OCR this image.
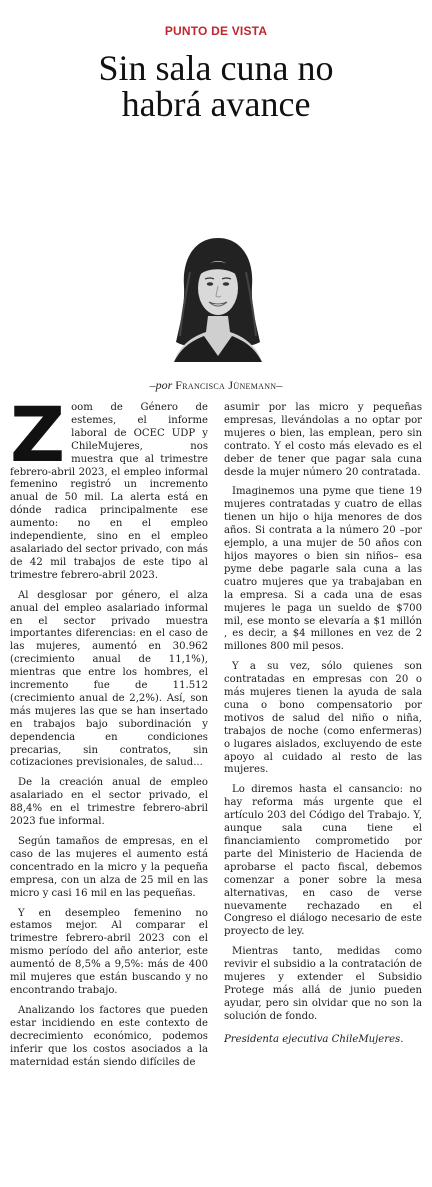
PUNTO DE VISTA
Sin sala cuna no
habrá avance
–por Francisca Jünemann–

Zoom de Género de estemes, el informe laboral de OCEC UDP y ChileMujeres, nos muestra que al trimestre febrero-abril 2023, el empleo informal femenino registró un incremento anual de 50 mil. La alerta está en dónde radica principalmente ese aumento: no en el empleo independiente, sino en el empleo asalariado del sector privado, con más de 42 mil trabajos de este tipo al trimestre febrero-abril 2023.

Al desglosar por género, el alza anual del empleo asalariado informal en el sector privado muestra importantes diferencias: en el caso de las mujeres, aumentó en 30.962 (crecimiento anual de 11,1%), mientras que entre los hombres, el incremento fue de 11.512 (crecimiento anual de 2,2%). Así, son más mujeres las que se han insertado en trabajos bajo subordinación y dependencia en condiciones precarias, sin contratos, sin cotizaciones previsionales, de salud...

De la creación anual de empleo asalariado en el sector privado, el 88,4% en el trimestre febrero-abril 2023 fue informal.

Según tamaños de empresas, en el caso de las mujeres el aumento está concentrado en la micro y la pequeña empresa, con un alza de 25 mil en las micro y casi 16 mil en las pequeñas.

Y en desempleo femenino no estamos mejor. Al comparar el trimestre febrero-abril 2023 con el mismo período del año anterior, este aumentó de 8,5% a 9,5%: más de 400 mil mujeres que están buscando y no encontrando trabajo.

Analizando los factores que pueden estar incidiendo en este contexto de decrecimiento económico, podemos inferir que los costos asociados a la maternidad están siendo difíciles de

asumir por las micro y pequeñas empresas, llevándolas a no optar por mujeres o bien, las emplean, pero sin contrato. Y el costo más elevado es el deber de tener que pagar sala cuna desde la mujer número 20 contratada.

Imaginemos una pyme que tiene 19 mujeres contratadas y cuatro de ellas tienen un hijo o hija menores de dos años. Si contrata a la número 20 –por ejemplo, a una mujer de 50 años con hijos mayores o bien sin niños– esa pyme debe pagarle sala cuna a las cuatro mujeres que ya trabajaban en la empresa. Si a cada una de esas mujeres le paga un sueldo de $700 mil, ese monto se elevaría a $1 millón , es decir, a $4 millones en vez de 2 millones 800 mil pesos.

Y a su vez, sólo quienes son contratadas en empresas con 20 o más mujeres tienen la ayuda de sala cuna o bono compensatorio por motivos de salud del niño o niña, trabajos de noche (como enfermeras) o lugares aislados, excluyendo de este apoyo al cuidado al resto de las mujeres.

Lo diremos hasta el cansancio: no hay reforma más urgente que el artículo 203 del Código del Trabajo. Y, aunque sala cuna tiene el financiamiento comprometido por parte del Ministerio de Hacienda de aprobarse el pacto fiscal, debemos comenzar a poner sobre la mesa alternativas, en caso de verse nuevamente rechazado en el Congreso el diálogo necesario de este proyecto de ley.

Mientras tanto, medidas como revivir el subsidio a la contratación de mujeres y extender el Subsidio Protege más allá de junio pueden ayudar, pero sin olvidar que no son la solución de fondo.

Presidenta ejecutiva ChileMujeres.
